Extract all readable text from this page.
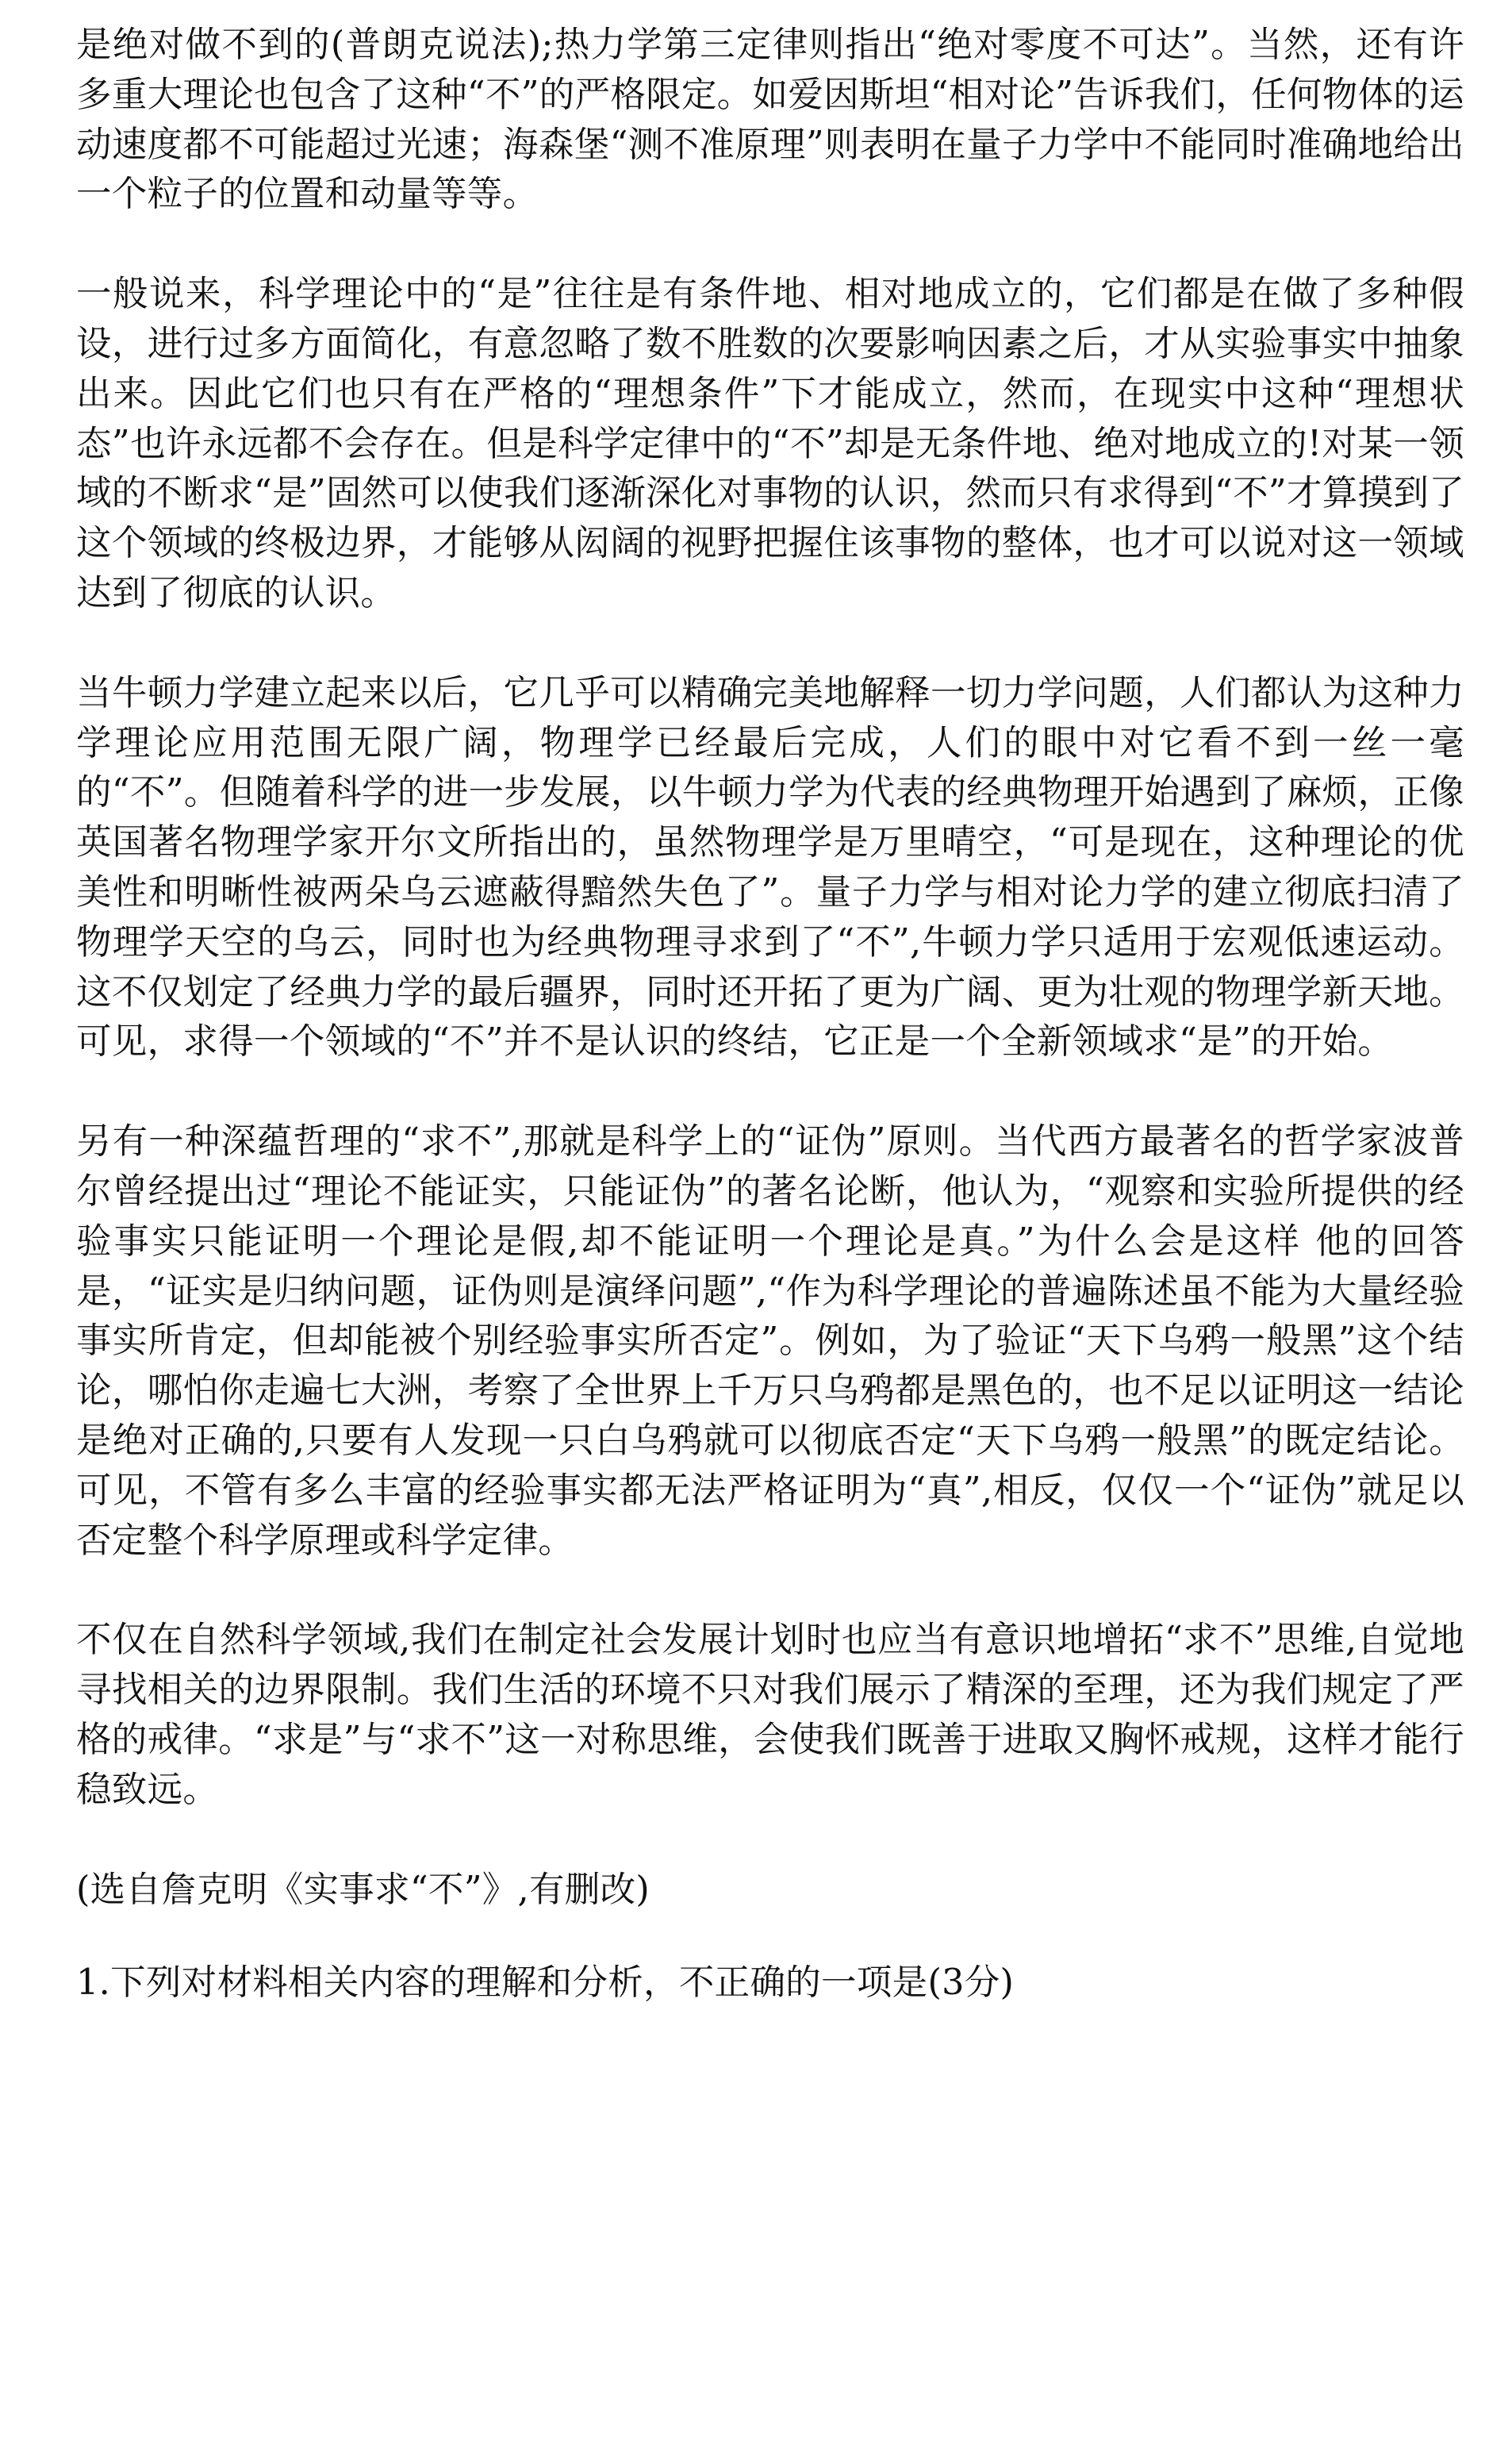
是绝对做不到的(普朗克说法);热力学第三定律则指出“绝对零度不可达”。当然，还有许多重大理论也包含了这种“不”的严格限定。如爱因斯坦“相对论”告诉我们，任何物体的运动速度都不可能超过光速；海森堡“测不准原理”则表明在量子力学中不能同时准确地给出一个粒子的位置和动量等等。

一般说来，科学理论中的“是”往往是有条件地、相对地成立的，它们都是在做了多种假设，进行过多方面简化，有意忽略了数不胜数的次要影响因素之后，才从实验事实中抽象出来。因此它们也只有在严格的“理想条件”下才能成立，然而，在现实中这种“理想状态”也许永远都不会存在。但是科学定律中的“不”却是无条件地、绝对地成立的!对某一领域的不断求“是”固然可以使我们逐渐深化对事物的认识，然而只有求得到“不”才算摸到了这个领域的终极边界，才能够从闳阔的视野把握住该事物的整体，也才可以说对这一领域达到了彻底的认识。

当牛顿力学建立起来以后，它几乎可以精确完美地解释一切力学问题，人们都认为这种力学理论应用范围无限广阔，物理学已经最后完成，人们的眼中对它看不到一丝一毫的“不”。但随着科学的进一步发展，以牛顿力学为代表的经典物理开始遇到了麻烦，正像英国著名物理学家开尔文所指出的，虽然物理学是万里晴空，“可是现在，这种理论的优美性和明晰性被两朵乌云遮蔽得黯然失色了”。量子力学与相对论力学的建立彻底扫清了物理学天空的乌云，同时也为经典物理寻求到了“不”,牛顿力学只适用于宏观低速运动。这不仅划定了经典力学的最后疆界，同时还开拓了更为广阔、更为壮观的物理学新天地。可见，求得一个领域的“不”并不是认识的终结，它正是一个全新领域求“是”的开始。

另有一种深蕴哲理的“求不”,那就是科学上的“证伪”原则。当代西方最著名的哲学家波普尔曾经提出过“理论不能证实，只能证伪”的著名论断，他认为，“观察和实验所提供的经验事实只能证明一个理论是假,却不能证明一个理论是真。”为什么会是这样 他的回答是，“证实是归纳问题，证伪则是演绎问题”,“作为科学理论的普遍陈述虽不能为大量经验事实所肯定，但却能被个别经验事实所否定”。例如，为了验证“天下乌鸦一般黑”这个结论，哪怕你走遍七大洲，考察了全世界上千万只乌鸦都是黑色的，也不足以证明这一结论是绝对正确的,只要有人发现一只白乌鸦就可以彻底否定“天下乌鸦一般黑”的既定结论。可见，不管有多么丰富的经验事实都无法严格证明为“真”,相反，仅仅一个“证伪”就足以否定整个科学原理或科学定律。

不仅在自然科学领域,我们在制定社会发展计划时也应当有意识地增拓“求不”思维,自觉地寻找相关的边界限制。我们生活的环境不只对我们展示了精深的至理，还为我们规定了严格的戒律。“求是”与“求不”这一对称思维，会使我们既善于进取又胸怀戒规，这样才能行稳致远。

(选自詹克明《实事求“不”》,有删改)

1.下列对材料相关内容的理解和分析，不正确的一项是(3分)
